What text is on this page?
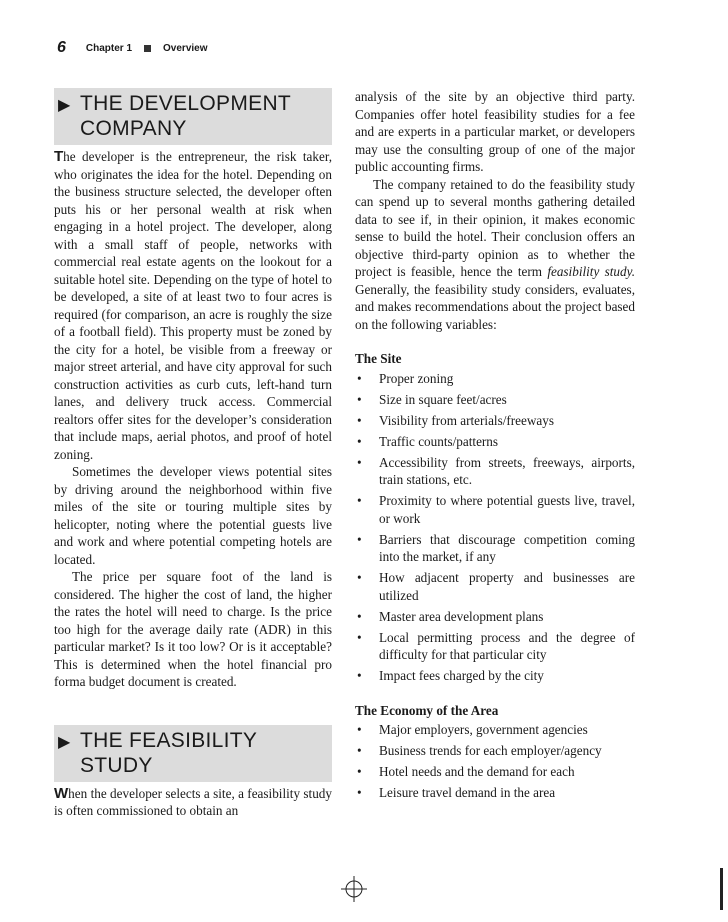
6 Chapter 1	Overview
▶ THE DEVELOPMENT COMPANY

The developer is the entrepreneur, the risk taker, who originates the idea for the hotel. Depending on the business structure selected, the developer often puts his or her personal wealth at risk when engaging in a hotel project. The developer, along with a small staff of people, networks with commercial real estate agents on the lookout for a suitable hotel site. Depending on the type of hotel to be developed, a site of at least two to four acres is required (for comparison, an acre is roughly the size of a football field). This property must be zoned by the city for a hotel, be visible from a freeway or major street arterial, and have city approval for such construction activities as curb cuts, left-hand turn lanes, and delivery truck access. Commercial realtors offer sites for the developer’s consideration that include maps, aerial photos, and proof of hotel zoning.

Sometimes the developer views potential sites by driving around the neighborhood within five miles of the site or touring multiple sites by helicopter, noting where the potential guests live and work and where potential competing hotels are located.

The price per square foot of the land is considered. The higher the cost of land, the higher the rates the hotel will need to charge. Is the price too high for the average daily rate (ADR) in this particular market? Is it too low? Or is it acceptable? This is determined when the hotel financial pro forma budget document is created.

▶ THE FEASIBILITY STUDY

When the developer selects a site, a feasibility study is often commissioned to obtain an

analysis of the site by an objective third party. Companies offer hotel feasibility studies for a fee and are experts in a particular market, or developers may use the consulting group of one of the major public accounting firms.

The company retained to do the feasibility study can spend up to several months gathering detailed data to see if, in their opinion, it makes economic sense to build the hotel. Their conclusion offers an objective third-party opinion as to whether the project is feasible, hence the term feasibility study. Generally, the feasibility study considers, evaluates, and makes recommendations about the project based on the following variables:

The Site
• Proper zoning
• Size in square feet/acres
• Visibility from arterials/freeways
• Traffic counts/patterns
• Accessibility from streets, freeways, airports, train stations, etc.
• Proximity to where potential guests live, travel, or work
• Barriers that discourage competition coming into the market, if any
• How adjacent property and businesses are utilized
• Master area development plans
• Local permitting process and the degree of difficulty for that particular city
• Impact fees charged by the city
The Economy of the Area
• Major employers, government agencies
• Business trends for each employer/agency
• Hotel needs and the demand for each
• Leisure travel demand in the area
